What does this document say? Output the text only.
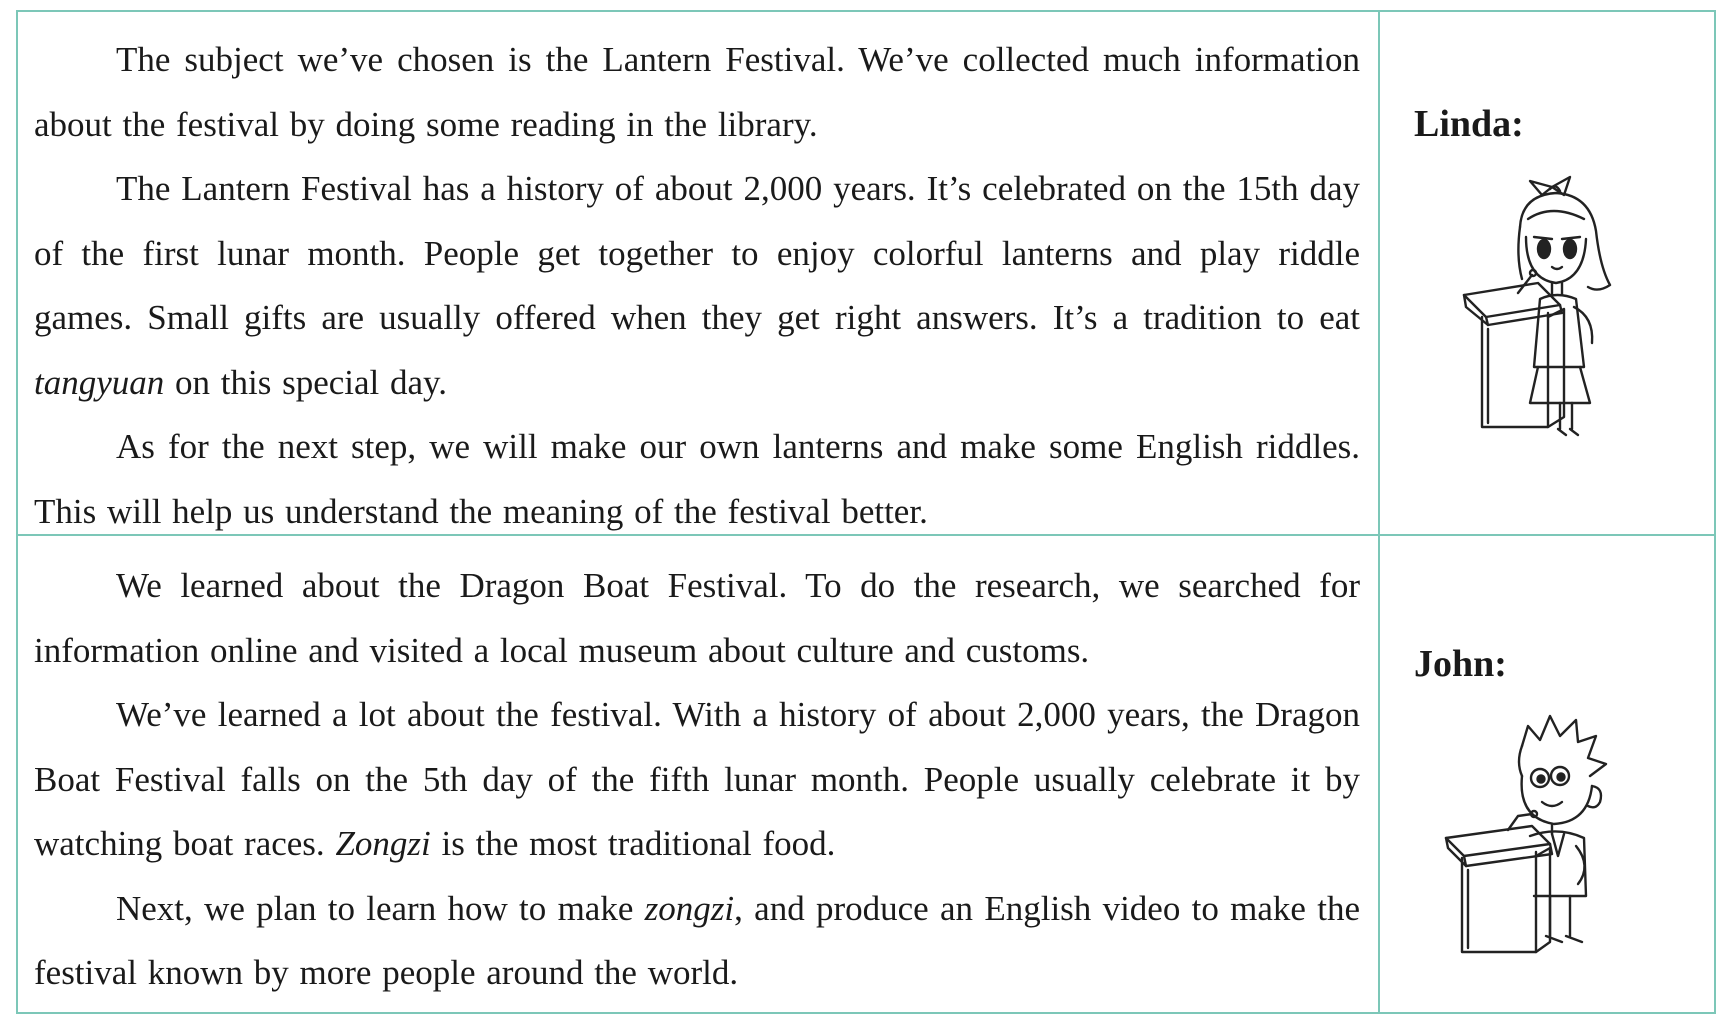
The subject we’ve chosen is the Lantern Festival. We’ve collected much information about the festival by doing some reading in the library.

The Lantern Festival has a history of about 2,000 years. It’s celebrated on the 15th day of the first lunar month. People get together to enjoy colorful lanterns and play riddle games. Small gifts are usually offered when they get right answers. It’s a tradition to eat tangyuan on this special day.

As for the next step, we will make our own lanterns and make some English riddles. This will help us understand the meaning of the festival better.

Linda:

We learned about the Dragon Boat Festival. To do the research, we searched for information online and visited a local museum about culture and customs.

We’ve learned a lot about the festival. With a history of about 2,000 years, the Dragon Boat Festival falls on the 5th day of the fifth lunar month. People usually celebrate it by watching boat races. Zongzi is the most traditional food.

Next, we plan to learn how to make zongzi, and produce an English video to make the festival known by more people around the world.

John:
